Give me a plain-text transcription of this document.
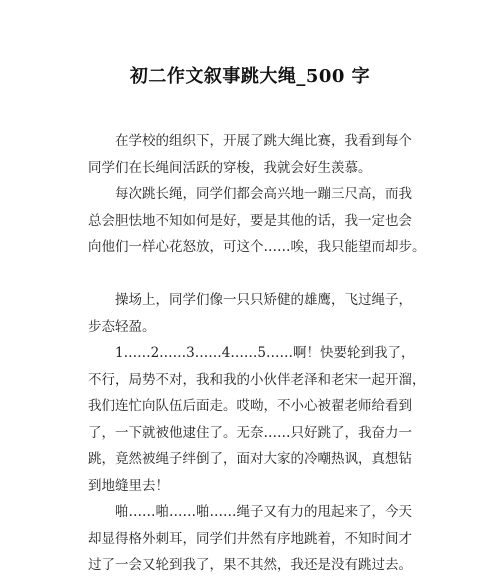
初二作文叙事跳大绳_500 字
在学校的组织下，开展了跳大绳比赛，我看到每个
同学们在长绳间活跃的穿梭，我就会好生羡慕。
每次跳长绳，同学们都会高兴地一蹦三尺高，而我
总会胆怯地不知如何是好，要是其他的话，我一定也会
向他们一样心花怒放，可这个……唉，我只能望而却步。
操场上，同学们像一只只矫健的雄鹰，飞过绳子，
步态轻盈。
1……2……3……4……5……啊！快要轮到我了，
不行，局势不对，我和我的小伙伴老泽和老宋一起开溜，
我们连忙向队伍后面走。哎呦，不小心被翟老师给看到
了，一下就被他逮住了。无奈……只好跳了，我奋力一
跳，竟然被绳子绊倒了，面对大家的冷嘲热讽，真想钻
到地缝里去！
啪……啪……啪……绳子又有力的甩起来了，今天
却显得格外刺耳，同学们井然有序地跳着，不知时间才
过了一会又轮到我了，果不其然，我还是没有跳过去。
